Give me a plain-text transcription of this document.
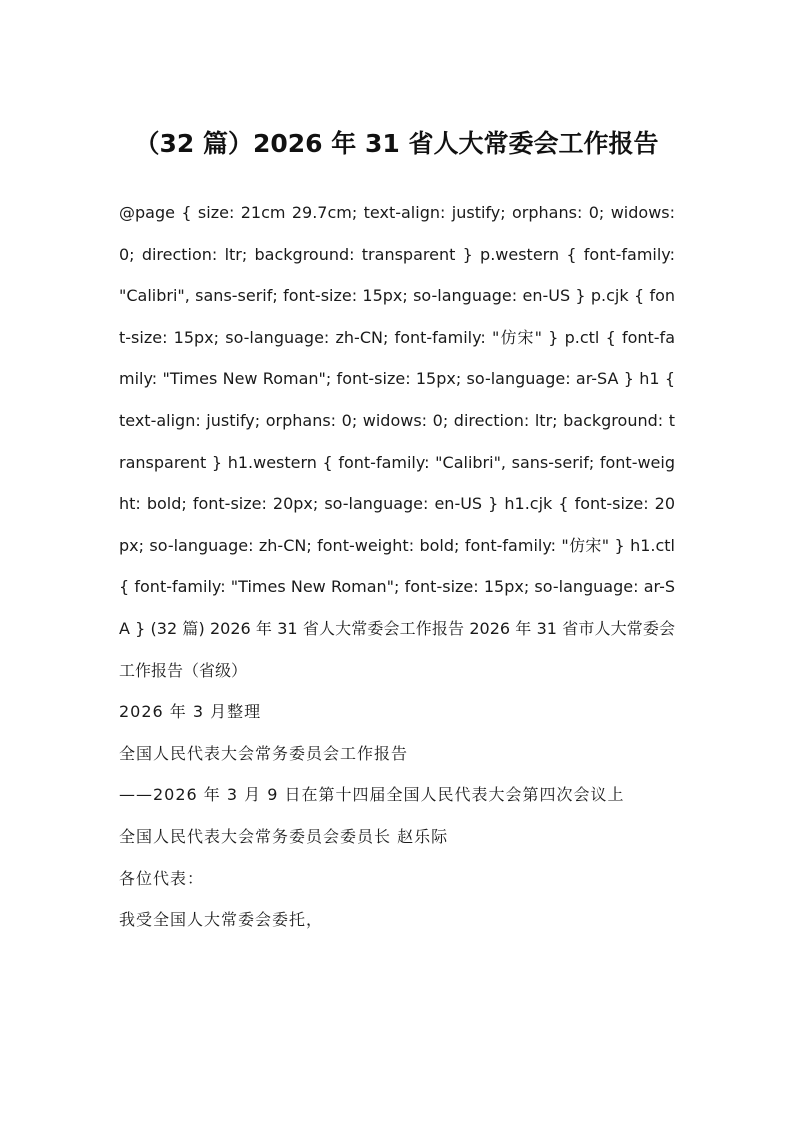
（32 篇）2026 年 31 省人大常委会工作报告

@page { size: 21cm 29.7cm; text-align: justify; orphans: 0; widows: 0; direction: ltr; background: transparent } p.western { font-family: "Calibri", sans-serif; font-size: 15px; so-language: en-US } p.cjk { font-size: 15px; so-language: zh-CN; font-family: "仿宋" } p.ctl { font-family: "Times New Roman"; font-size: 15px; so-language: ar-SA } h1 { text-align: justify; orphans: 0; widows: 0; direction: ltr; background: transparent } h1.western { font-family: "Calibri", sans-serif; font-weight: bold; font-size: 20px; so-language: en-US } h1.cjk { font-size: 20px; so-language: zh-CN; font-weight: bold; font-family: "仿宋" } h1.ctl { font-family: "Times New Roman"; font-size: 15px; so-language: ar-SA } (32 篇) 2026 年 31 省人大常委会工作报告 2026 年 31 省市人大常委会工作报告（省级）

2026 年 3 月整理

全国人民代表大会常务委员会工作报告

——2026 年 3 月 9 日在第十四届全国人民代表大会第四次会议上

全国人民代表大会常务委员会委员长 赵乐际

各位代表：

我受全国人大常委会委托，
